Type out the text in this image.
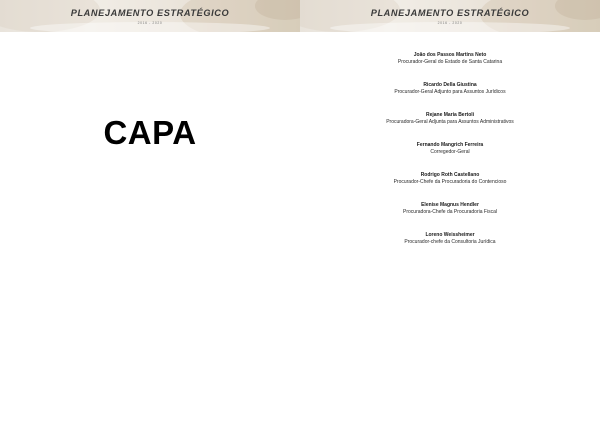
PLANEJAMENTO ESTRATÉGICO
2016 - 2020
CAPA
PLANEJAMENTO ESTRATÉGICO
2016 - 2020
João dos Passos Martins Neto
Procurador-Geral do Estado de Santa Catarina
Ricardo Della Giustina
Procurador-Geral Adjunto para Assuntos Jurídicos
Rejane Maria Bertoli
Procuradora-Geral Adjunta para Assuntos Administrativos
Fernando Mangrich Ferreira
Corregedor-Geral
Rodrigo Roth Castellano
Procurador-Chefe da Procuradoria do Contencioso
Elenise Magnus Hendler
Procuradora-Chefe da Procuradoria Fiscal
Loreno Weissheimer
Procurador-chefe da Consultoria Jurídica
